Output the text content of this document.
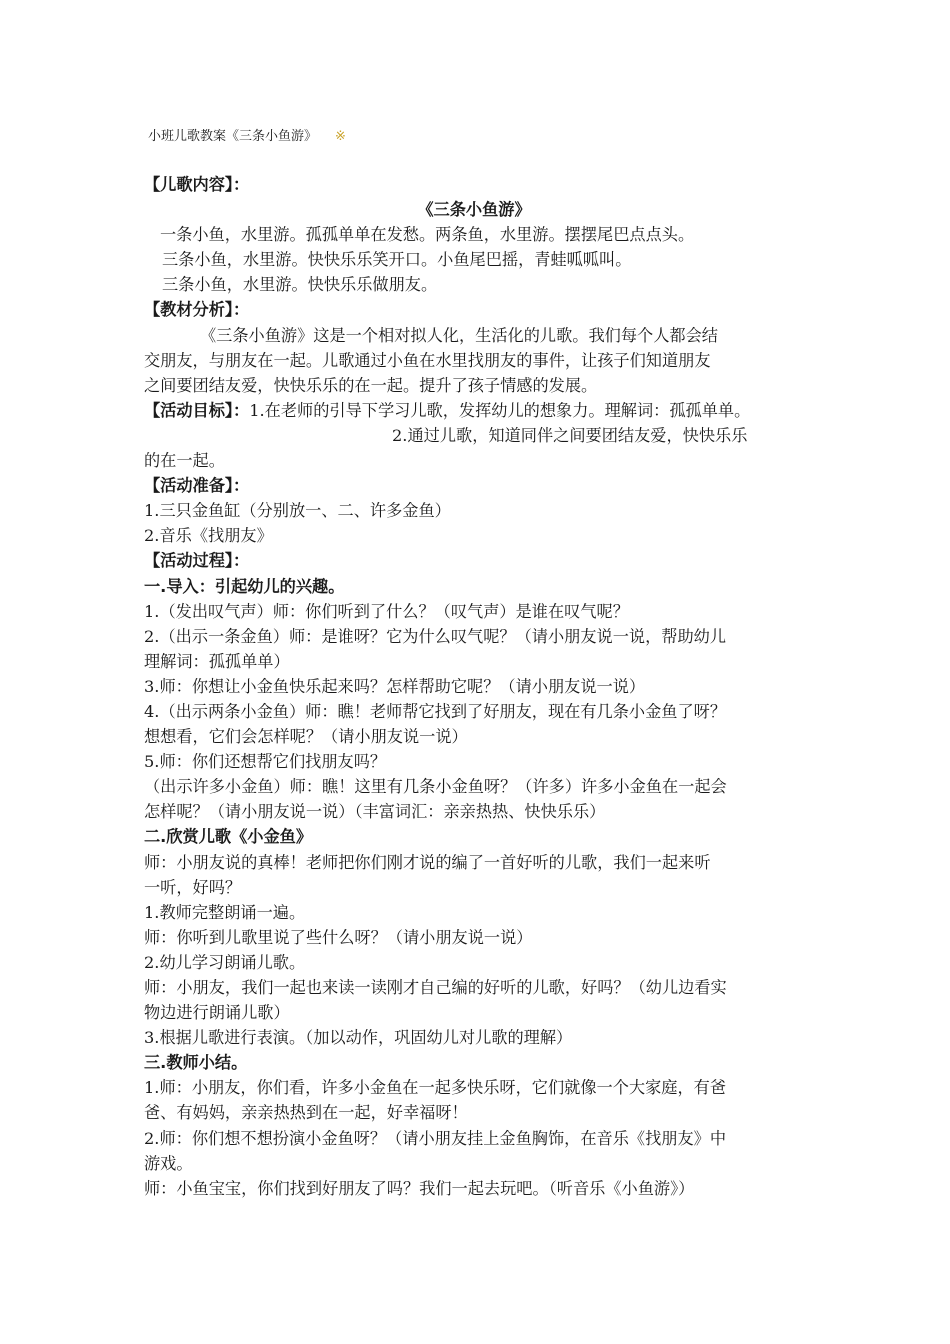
小班儿歌教案《三条小鱼游》 ※
【儿歌内容】：
《三条小鱼游》
一条小鱼，水里游。孤孤单单在发愁。两条鱼，水里游。摆摆尾巴点点头。
三条小鱼，水里游。快快乐乐笑开口。小鱼尾巴摇，青蛙呱呱叫。
三条小鱼，水里游。快快乐乐做朋友。
【教材分析】：
《三条小鱼游》这是一个相对拟人化，生活化的儿歌。我们每个人都会结
交朋友，与朋友在一起。儿歌通过小鱼在水里找朋友的事件，让孩子们知道朋友
之间要团结友爱，快快乐乐的在一起。提升了孩子情感的发展。
【活动目标】：1.在老师的引导下学习儿歌，发挥幼儿的想象力。理解词：孤孤单单。
2.通过儿歌，知道同伴之间要团结友爱，快快乐乐
的在一起。
【活动准备】：
1.三只金鱼缸（分别放一、二、许多金鱼）
2.音乐《找朋友》
【活动过程】：
一.导入：引起幼儿的兴趣。
1.（发出叹气声）师：你们听到了什么？（叹气声）是谁在叹气呢？
2.（出示一条金鱼）师：是谁呀？它为什么叹气呢？（请小朋友说一说，帮助幼儿
理解词：孤孤单单）
3.师：你想让小金鱼快乐起来吗？怎样帮助它呢？（请小朋友说一说）
4.（出示两条小金鱼）师：瞧！老师帮它找到了好朋友，现在有几条小金鱼了呀？
想想看，它们会怎样呢？（请小朋友说一说）
5.师：你们还想帮它们找朋友吗？
（出示许多小金鱼）师：瞧！这里有几条小金鱼呀？（许多）许多小金鱼在一起会
怎样呢？（请小朋友说一说）（丰富词汇：亲亲热热、快快乐乐）
二.欣赏儿歌《小金鱼》
师：小朋友说的真棒！老师把你们刚才说的编了一首好听的儿歌，我们一起来听
一听，好吗？
1.教师完整朗诵一遍。
师：你听到儿歌里说了些什么呀？（请小朋友说一说）
2.幼儿学习朗诵儿歌。
师：小朋友，我们一起也来读一读刚才自己编的好听的儿歌，好吗？（幼儿边看实
物边进行朗诵儿歌）
3.根据儿歌进行表演。（加以动作，巩固幼儿对儿歌的理解）
三.教师小结。
1.师：小朋友，你们看，许多小金鱼在一起多快乐呀，它们就像一个大家庭，有爸
爸、有妈妈，亲亲热热到在一起，好幸福呀！
2.师：你们想不想扮演小金鱼呀？（请小朋友挂上金鱼胸饰，在音乐《找朋友》中
游戏。
师：小鱼宝宝，你们找到好朋友了吗？我们一起去玩吧。（听音乐《小鱼游》）
